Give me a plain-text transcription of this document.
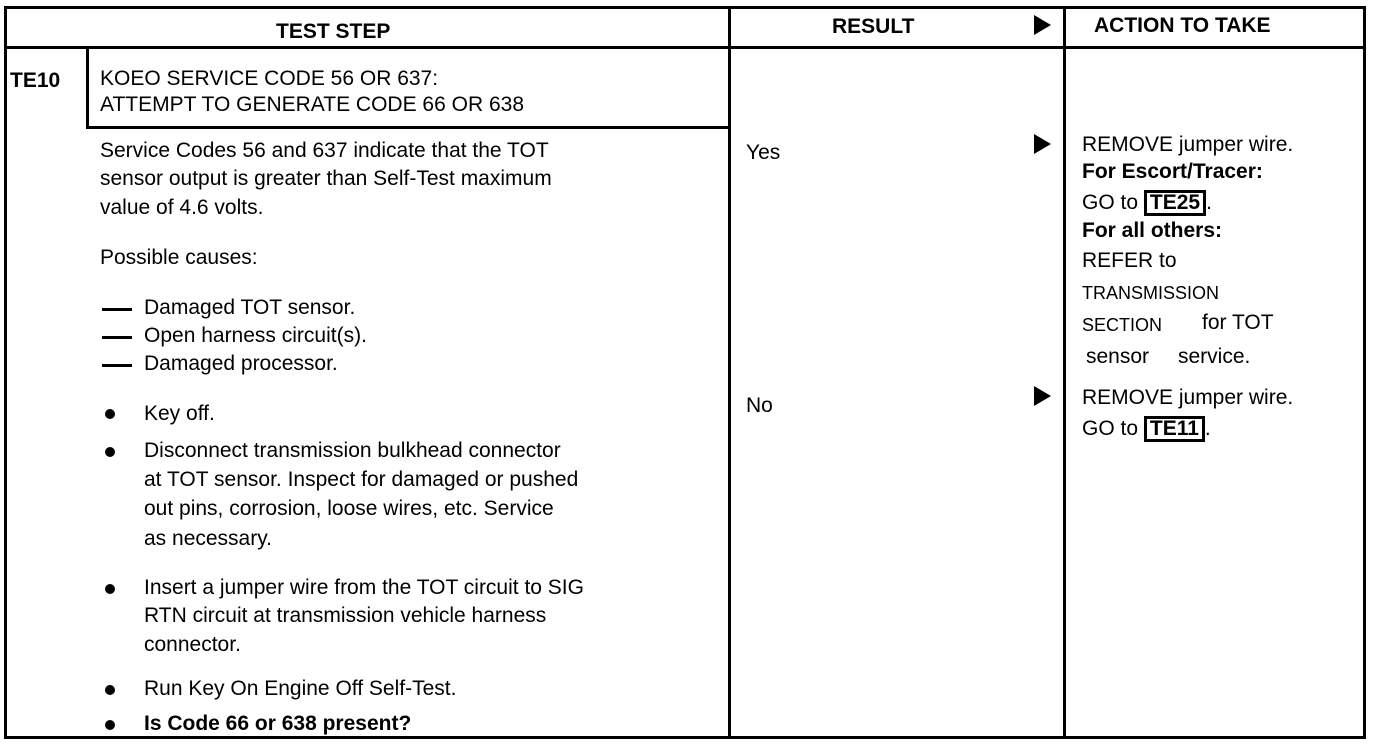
TEST STEP	RESULT	ACTION TO TAKE
TE10 KOEO SERVICE CODE 56 OR 637:
ATTEMPT TO GENERATE CODE 66 OR 638
Service Codes 56 and 637 indicate that the TOT
sensor output is greater than Self-Test maximum
value of 4.6 volts.
Possible causes:
Damaged TOT sensor.
Open harness circuit(s).
Damaged processor.
Key off.
Disconnect transmission bulkhead connector
at TOT sensor. Inspect for damaged or pushed
out pins, corrosion, loose wires, etc. Service
as necessary.
Insert a jumper wire from the TOT circuit to SIG
RTN circuit at transmission vehicle harness
connector.
Run Key On Engine Off Self-Test.
Is Code 66 or 638 present?
Yes
No
REMOVE jumper wire.
For Escort/Tracer:
GO to TE25 .
For all others:
REFER to
TRANSMISSION
SECTION for TOT
sensor service.
REMOVE jumper wire.
GO to TE11 .
